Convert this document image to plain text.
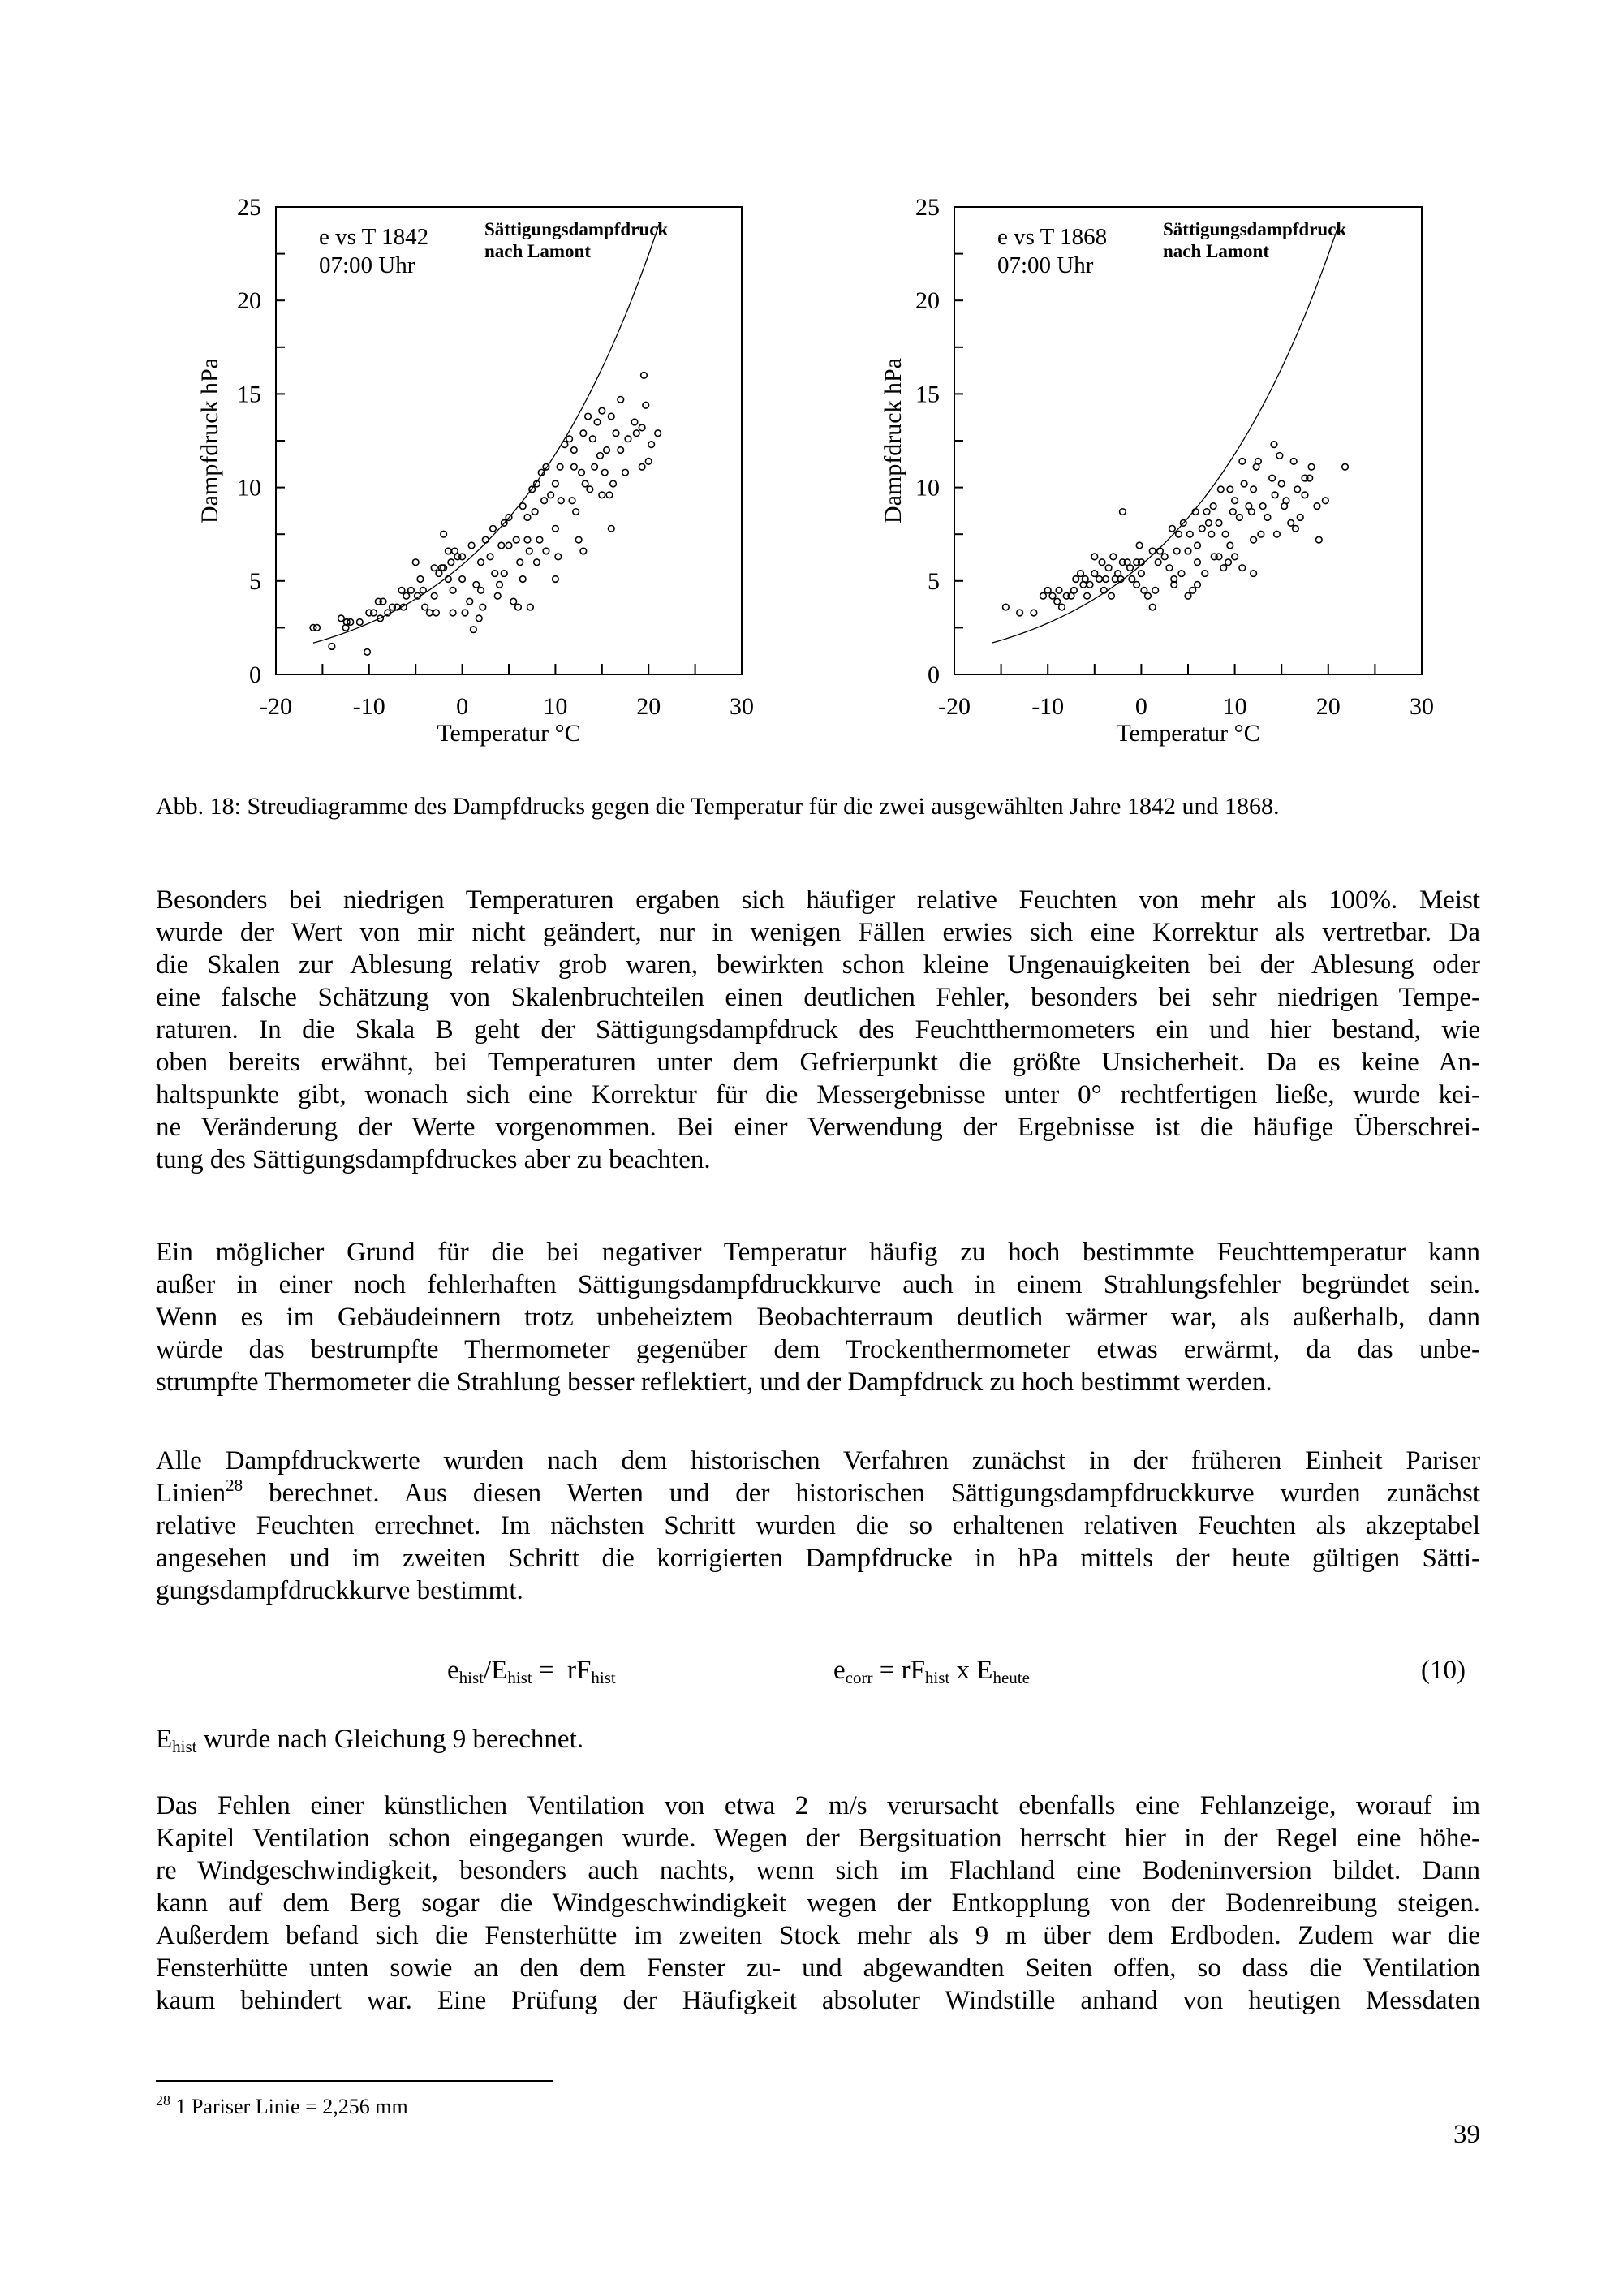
-20 -10	0	10	20	30
0
5
10
15
20
25
Temperatur °C
Dampfdruck hPa
e vs T 1842
07:00 Uhr
Sättigungsdampfdruck
nach Lamont
-20	-10	0	10	20	30
0
5
10
15
20
25
Temperatur °C
Dampfdruck hPa
e vs T 1868
07:00 Uhr
Sättigungsdampfdruck
nach Lamont
Abb. 18: Streudiagramme des Dampfdrucks gegen die Temperatur für die zwei ausgewählten Jahre 1842 und 1868.
Besonders bei niedrigen Temperaturen ergaben sich häufiger relative Feuchten von mehr als 100%. Meist
wurde der Wert von mir nicht geändert, nur in wenigen Fällen erwies sich eine Korrektur als vertretbar. Da
die Skalen zur Ablesung relativ grob waren, bewirkten schon kleine Ungenauigkeiten bei der Ablesung oder
eine falsche Schätzung von Skalenbruchteilen einen deutlichen Fehler, besonders bei sehr niedrigen Tempe-
raturen. In die Skala B geht der Sättigungsdampfdruck des Feuchtthermometers ein und hier bestand, wie
oben bereits erwähnt, bei Temperaturen unter dem Gefrierpunkt die größte Unsicherheit. Da es keine An-
haltspunkte gibt, wonach sich eine Korrektur für die Messergebnisse unter 0° rechtfertigen ließe, wurde kei-
ne Veränderung der Werte vorgenommen. Bei einer Verwendung der Ergebnisse ist die häufige Überschrei-
tung des Sättigungsdampfdruckes aber zu beachten.
Ein möglicher Grund für die bei negativer Temperatur häufig zu hoch bestimmte Feuchttemperatur kann
außer in einer noch fehlerhaften Sättigungsdampfdruckkurve auch in einem Strahlungsfehler begründet sein.
Wenn es im Gebäudeinnern trotz unbeheiztem Beobachterraum deutlich wärmer war, als außerhalb, dann
würde das bestrumpfte Thermometer gegenüber dem Trockenthermometer etwas erwärmt, da das unbe-
strumpfte Thermometer die Strahlung besser reflektiert, und der Dampfdruck zu hoch bestimmt werden.
Alle Dampfdruckwerte wurden nach dem historischen Verfahren zunächst in der früheren Einheit Pariser
Linien$^{28}$ berechnet. Aus diesen Werten und der historischen Sättigungsdampfdruckkurve wurden zunächst
relative Feuchten errechnet. Im nächsten Schritt wurden die so erhaltenen relativen Feuchten als akzeptabel
angesehen und im zweiten Schritt die korrigierten Dampfdrucke in hPa mittels der heute gültigen Sätti-
gungsdampfdruckkurve bestimmt.
$e_{hist}/E_{hist} = rF_{hist}$	$e_{corr} = rF_{hist}$ x $E_{heute}$	(10)
$E_{hist}$ wurde nach Gleichung 9 berechnet.
Das Fehlen einer künstlichen Ventilation von etwa 2 m/s verursacht ebenfalls eine Fehlanzeige, worauf im
Kapitel Ventilation schon eingegangen wurde. Wegen der Bergsituation herrscht hier in der Regel eine höhe-
re Windgeschwindigkeit, besonders auch nachts, wenn sich im Flachland eine Bodeninversion bildet. Dann
kann auf dem Berg sogar die Windgeschwindigkeit wegen der Entkopplung von der Bodenreibung steigen.
Außerdem befand sich die Fensterhütte im zweiten Stock mehr als 9 m über dem Erdboden. Zudem war die
Fensterhütte unten sowie an den dem Fenster zu- und abgewandten Seiten offen, so dass die Ventilation
kaum behindert war. Eine Prüfung der Häufigkeit absoluter Windstille anhand von heutigen Messdaten
$^{28}$ 1 Pariser Linie = 2,256 mm
39
